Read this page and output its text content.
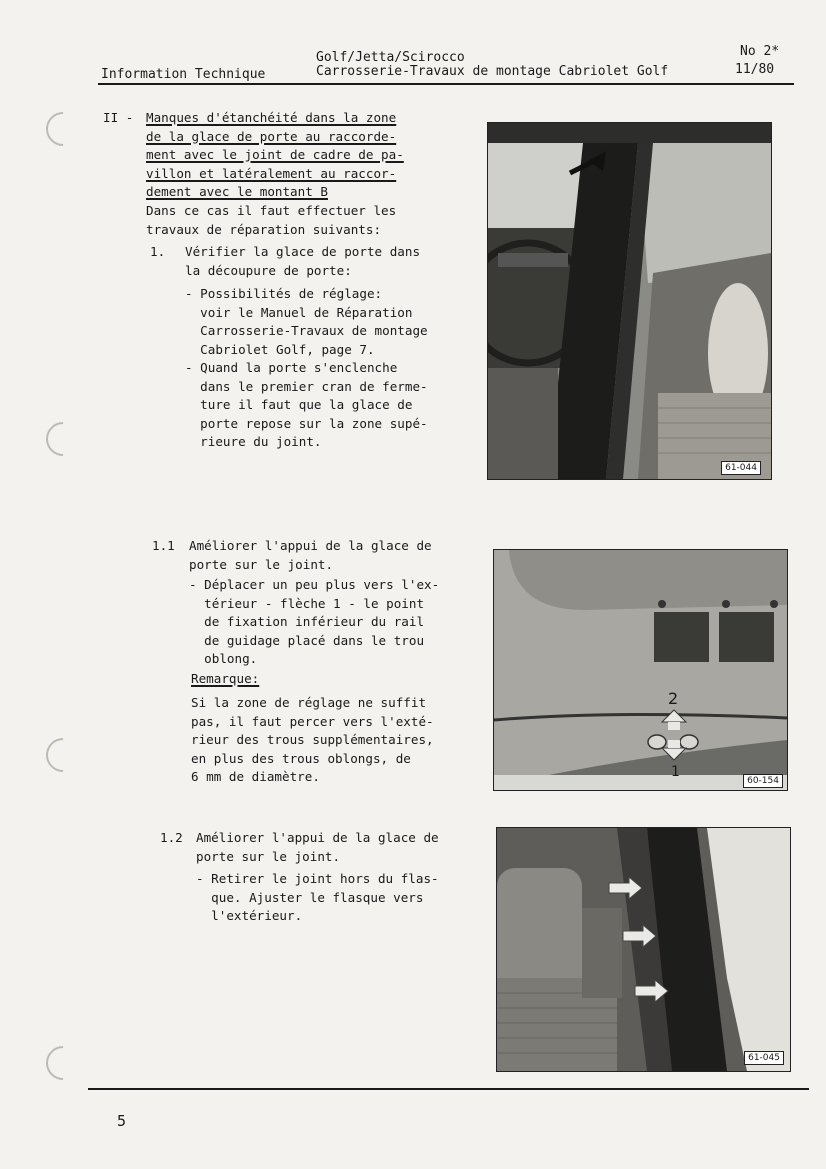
Information Technique
Golf/Jetta/Scirocco
Carrosserie-Travaux de montage Cabriolet Golf
No 2*
11/80
II - Manques d'étanchéité dans la zone
de la glace de porte au raccorde-
ment avec le joint de cadre de pa-
villon et latéralement au raccor-
dement avec le montant B
Dans ce cas il faut effectuer les
travaux de réparation suivants:
1. Vérifier la glace de porte dans
la découpure de porte:
- Possibilités de réglage:
voir le Manuel de Réparation
Carrosserie-Travaux de montage
Cabriolet Golf, page 7.
- Quand la porte s'enclenche
dans le premier cran de ferme-
ture il faut que la glace de
porte repose sur la zone supé-
rieure du joint.
1.1 Améliorer l'appui de la glace de
porte sur le joint.
- Déplacer un peu plus vers l'ex-
térieur - flèche 1 - le point
de fixation inférieur du rail
de guidage placé dans le trou
oblong.
Remarque:
Si la zone de réglage ne suffit
pas, il faut percer vers l'exté-
rieur des trous supplémentaires,
en plus des trous oblongs, de
6 mm de diamètre.
1.2 Améliorer l'appui de la glace de
porte sur le joint.
- Retirer le joint hors du flas-
que. Ajuster le flasque vers
l'extérieur.
61-044
2
1
60-154
61-045
5
